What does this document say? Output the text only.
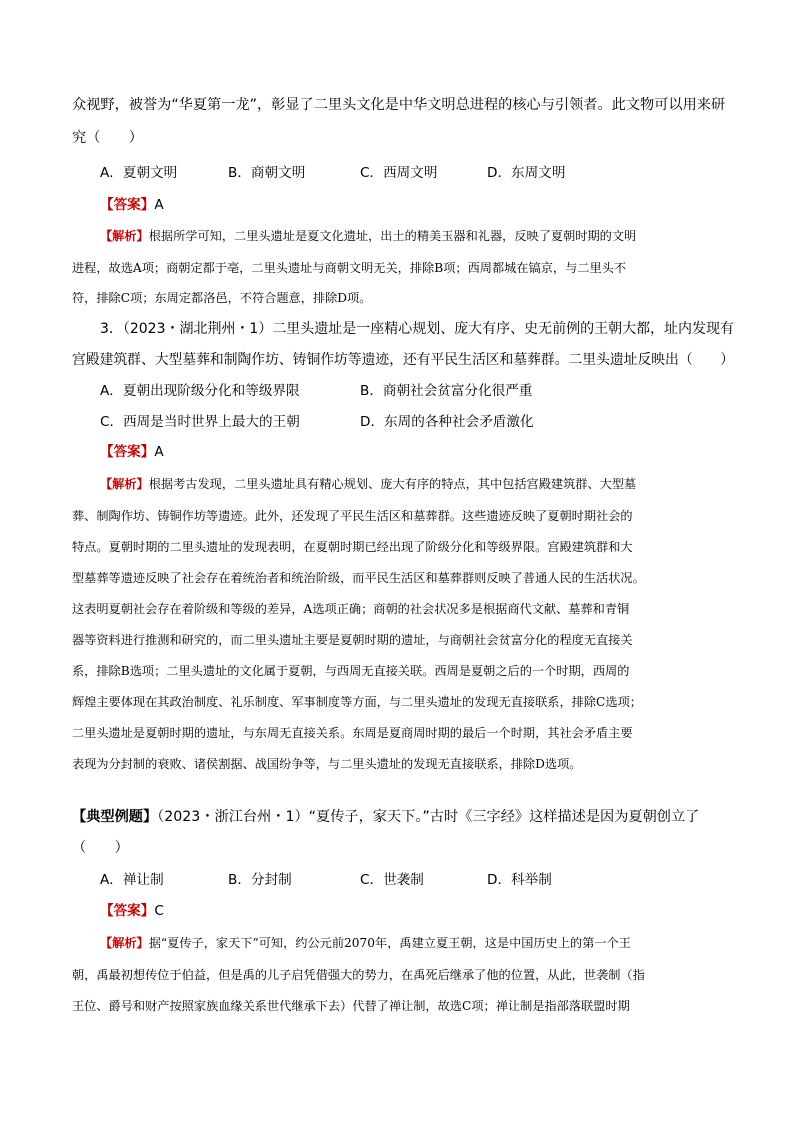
众视野，被誉为“华夏第一龙”，彰显了二里头文化是中华文明总进程的核心与引领者。此文物可以用来研
究（　　）
A．夏朝文明	B．商朝文明	C．西周文明	D．东周文明
【答案】A
【解析】根据所学可知，二里头遗址是夏文化遗址，出土的精美玉器和礼器，反映了夏朝时期的文明
进程，故选A项；商朝定都于亳，二里头遗址与商朝文明无关，排除B项；西周都城在镐京，与二里头不
符，排除C项；东周定都洛邑，不符合题意，排除D项。
3．（2023・湖北荆州・1）二里头遗址是一座精心规划、庞大有序、史无前例的王朝大都，址内发现有
宫殿建筑群、大型墓葬和制陶作坊、铸铜作坊等遗迹，还有平民生活区和墓葬群。二里头遗址反映出（　　）
A．夏朝出现阶级分化和等级界限	B．商朝社会贫富分化很严重
C．西周是当时世界上最大的王朝	D．东周的各种社会矛盾激化
【答案】A
【解析】根据考古发现，二里头遗址具有精心规划、庞大有序的特点，其中包括宫殿建筑群、大型墓
葬、制陶作坊、铸铜作坊等遗迹。此外，还发现了平民生活区和墓葬群。这些遗迹反映了夏朝时期社会的
特点。夏朝时期的二里头遗址的发现表明，在夏朝时期已经出现了阶级分化和等级界限。宫殿建筑群和大
型墓葬等遗迹反映了社会存在着统治者和统治阶级，而平民生活区和墓葬群则反映了普通人民的生活状况。
这表明夏朝社会存在着阶级和等级的差异，A选项正确；商朝的社会状况多是根据商代文献、墓葬和青铜
器等资料进行推测和研究的，而二里头遗址主要是夏朝时期的遗址，与商朝社会贫富分化的程度无直接关
系，排除B选项；二里头遗址的文化属于夏朝，与西周无直接关联。西周是夏朝之后的一个时期，西周的
辉煌主要体现在其政治制度、礼乐制度、军事制度等方面，与二里头遗址的发现无直接联系，排除C选项；
二里头遗址是夏朝时期的遗址，与东周无直接关系。东周是夏商周时期的最后一个时期，其社会矛盾主要
表现为分封制的衰败、诸侯割据、战国纷争等，与二里头遗址的发现无直接联系，排除D选项。
【典型例题】（2023・浙江台州・1）“夏传子，家天下。”古时《三字经》这样描述是因为夏朝创立了
（　　）
A．禅让制	B．分封制	C．世袭制	D．科举制
【答案】C
【解析】据“夏传子，家天下”可知，约公元前2070年，禹建立夏王朝，这是中国历史上的第一个王
朝，禹最初想传位于伯益，但是禹的儿子启凭借强大的势力，在禹死后继承了他的位置，从此，世袭制（指
王位、爵号和财产按照家族血缘关系世代继承下去）代替了禅让制，故选C项；禅让制是指部落联盟时期
